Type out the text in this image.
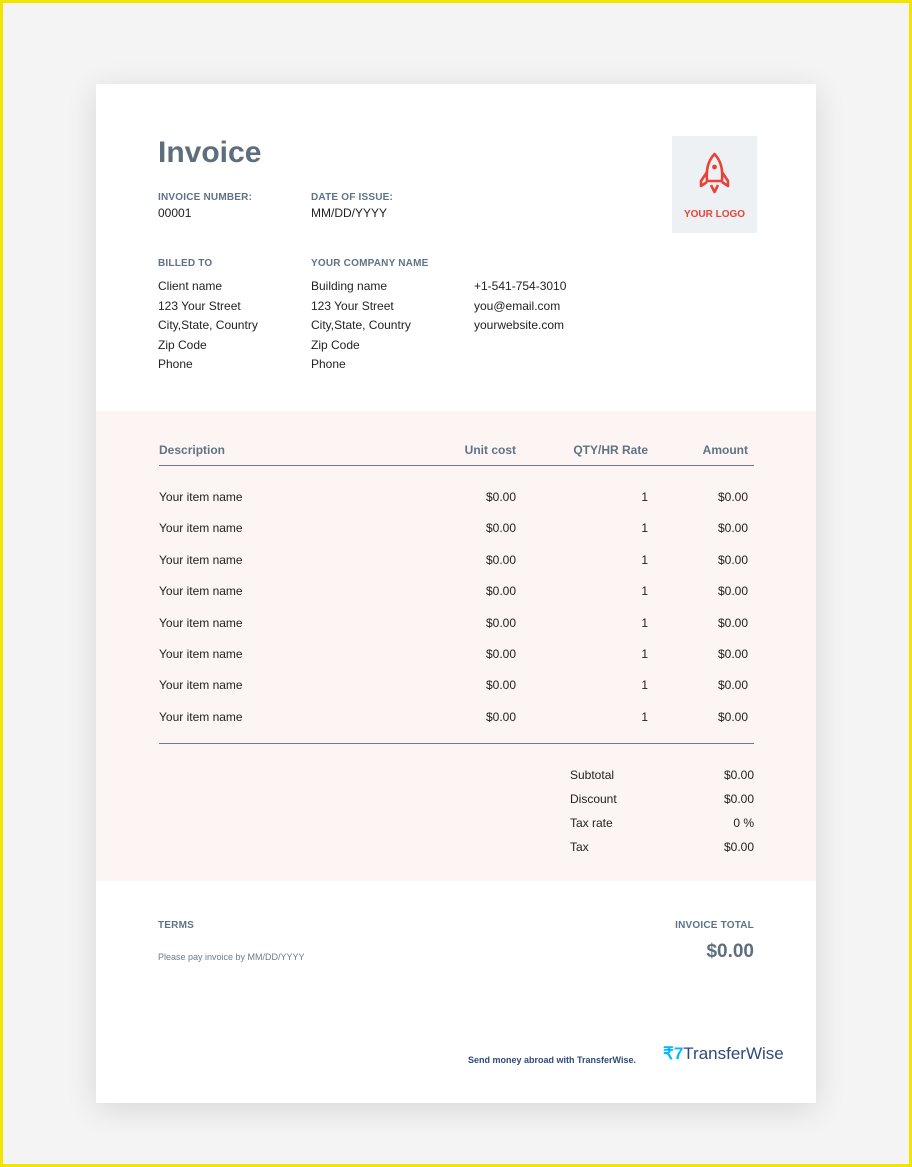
Invoice
INVOICE NUMBER:
00001
DATE OF ISSUE:
MM/DD/YYYY	YOUR LOGO
BILLED TO
Client name
123 Your Street
City,State, Country
Zip Code
Phone
YOUR COMPANY NAME
Building name
123 Your Street
City,State, Country
Zip Code
Phone
+1-541-754-3010
you@email.com
yourwebsite.com
Description	Unit cost	QTY/HR Rate	Amount
Your item name	$0.00	1	$0.00
Your item name	$0.00	1	$0.00
Your item name	$0.00	1	$0.00
Your item name	$0.00	1	$0.00
Your item name	$0.00	1	$0.00
Your item name	$0.00	1	$0.00
Your item name	$0.00	1	$0.00
Your item name	$0.00	1	$0.00
Subtotal	$0.00
Discount	$0.00
Tax rate	0 %
Tax	$0.00
TERMS
Please pay invoice by MM/DD/YYYY
INVOICE TOTAL
$0.00
Send money abroad with TransferWise. ₹7TransferWise
